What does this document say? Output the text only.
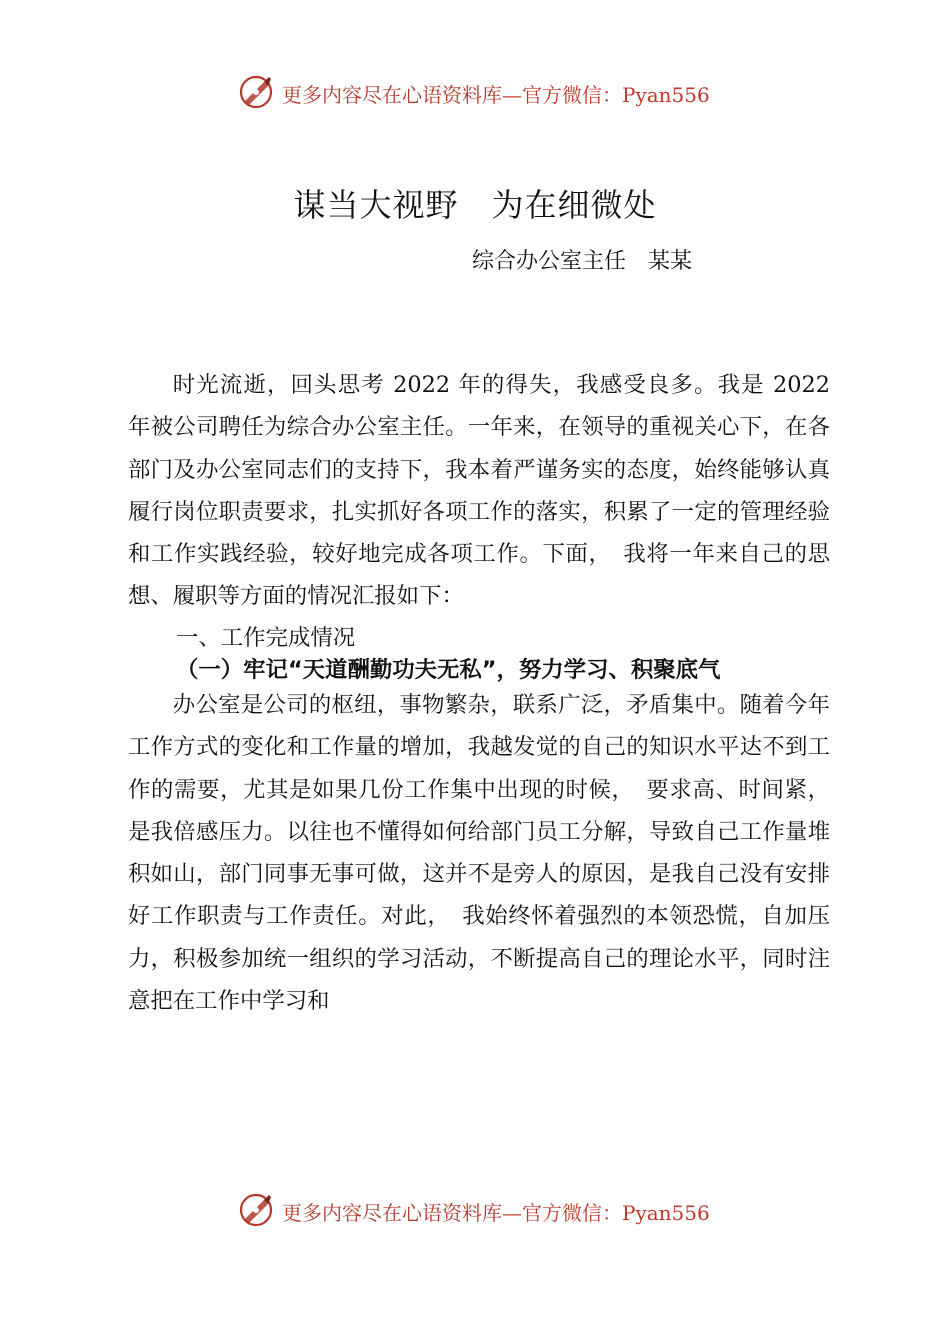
更多内容尽在心语资料库—官方微信：Pyan556
谋当大视野　为在细微处
综合办公室主任　某某
时光流逝，回头思考 2022 年的得失，我感受良多。我是 2022 年被公司聘任为综合办公室主任。一年来，在领导的重视关心下，在各部门及办公室同志们的支持下，我本着严谨务实的态度，始终能够认真履行岗位职责要求，扎实抓好各项工作的落实，积累了一定的管理经验和工作实践经验，较好地完成各项工作。下面，　我将一年来自己的思想、履职等方面的情况汇报如下：
一、工作完成情况
（一）牢记“天道酬勤功夫无私”，努力学习、积聚底气
办公室是公司的枢纽，事物繁杂，联系广泛，矛盾集中。随着今年工作方式的变化和工作量的增加，我越发觉的自己的知识水平达不到工作的需要，尤其是如果几份工作集中出现的时候，　要求高、时间紧，是我倍感压力。以往也不懂得如何给部门员工分解，导致自己工作量堆积如山，部门同事无事可做，这并不是旁人的原因，是我自己没有安排好工作职责与工作责任。对此，　我始终怀着强烈的本领恐慌，自加压力，积极参加统一组织的学习活动，不断提高自己的理论水平，同时注意把在工作中学习和
更多内容尽在心语资料库—官方微信：Pyan556
